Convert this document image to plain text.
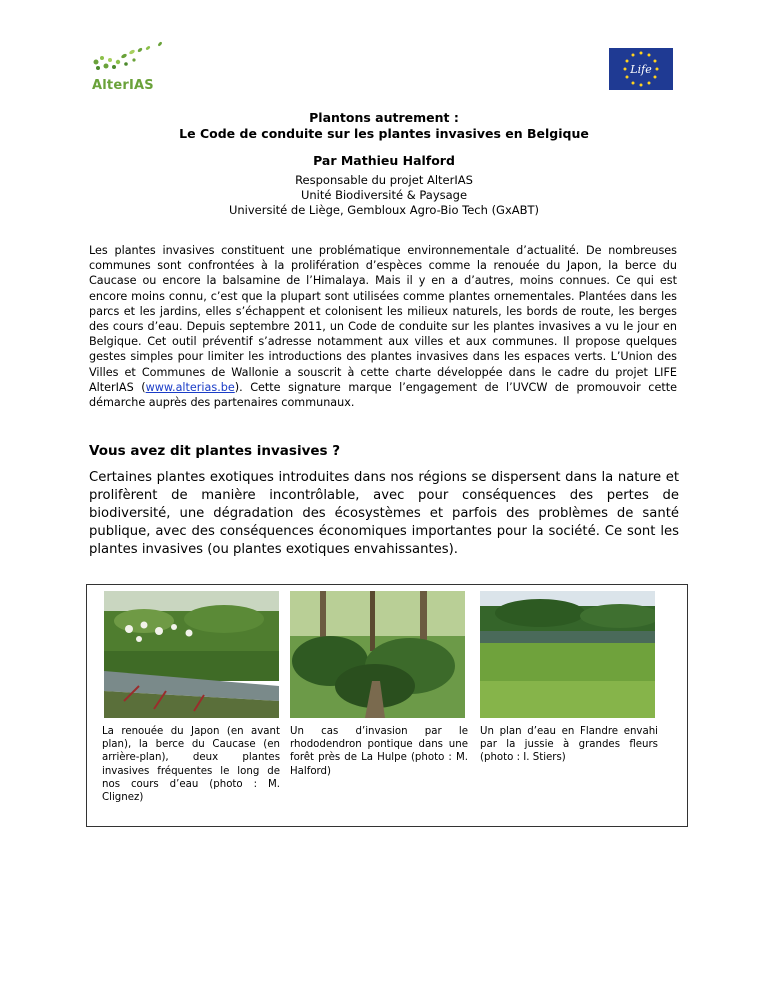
AlterIAS
Life
Plantons autrement :
Le Code de conduite sur les plantes invasives en Belgique
Par Mathieu Halford
Responsable du projet AlterIAS
Unité Biodiversité & Paysage
Université de Liège, Gembloux Agro-Bio Tech (GxABT)
Les plantes invasives constituent une problématique environnementale d’actualité. De nombreuses communes sont confrontées à la prolifération d’espèces comme la renouée du Japon, la berce du Caucase ou encore la balsamine de l’Himalaya. Mais il y en a d’autres, moins connues. Ce qui est encore moins connu, c’est que la plupart sont utilisées comme plantes ornementales. Plantées dans les parcs et les jardins, elles s’échappent et colonisent les milieux naturels, les bords de route, les berges des cours d’eau. Depuis septembre 2011, un Code de conduite sur les plantes invasives a vu le jour en Belgique. Cet outil préventif s’adresse notamment aux villes et aux communes. Il propose quelques gestes simples pour limiter les introductions des plantes invasives dans les espaces verts. L’Union des Villes et Communes de Wallonie a souscrit à cette charte développée dans le cadre du projet LIFE AlterIAS (www.alterias.be). Cette signature marque l’engagement de l’UVCW de promouvoir cette démarche auprès des partenaires communaux.
Vous avez dit plantes invasives ?
Certaines plantes exotiques introduites dans nos régions se dispersent dans la nature et prolifèrent de manière incontrôlable, avec pour conséquences des pertes de biodiversité, une dégradation des écosystèmes et parfois des problèmes de santé publique, avec des conséquences économiques importantes pour la société. Ce sont les plantes invasives (ou plantes exotiques envahissantes).
La renouée du Japon (en avant plan), la berce du Caucase (en arrière-plan), deux plantes invasives fréquentes le long de nos cours d’eau (photo : M. Clignez)
Un cas d’invasion par le rhododendron pontique dans une forêt près de La Hulpe (photo : M. Halford)
Un plan d’eau en Flandre envahi par la jussie à grandes fleurs (photo : I. Stiers)
